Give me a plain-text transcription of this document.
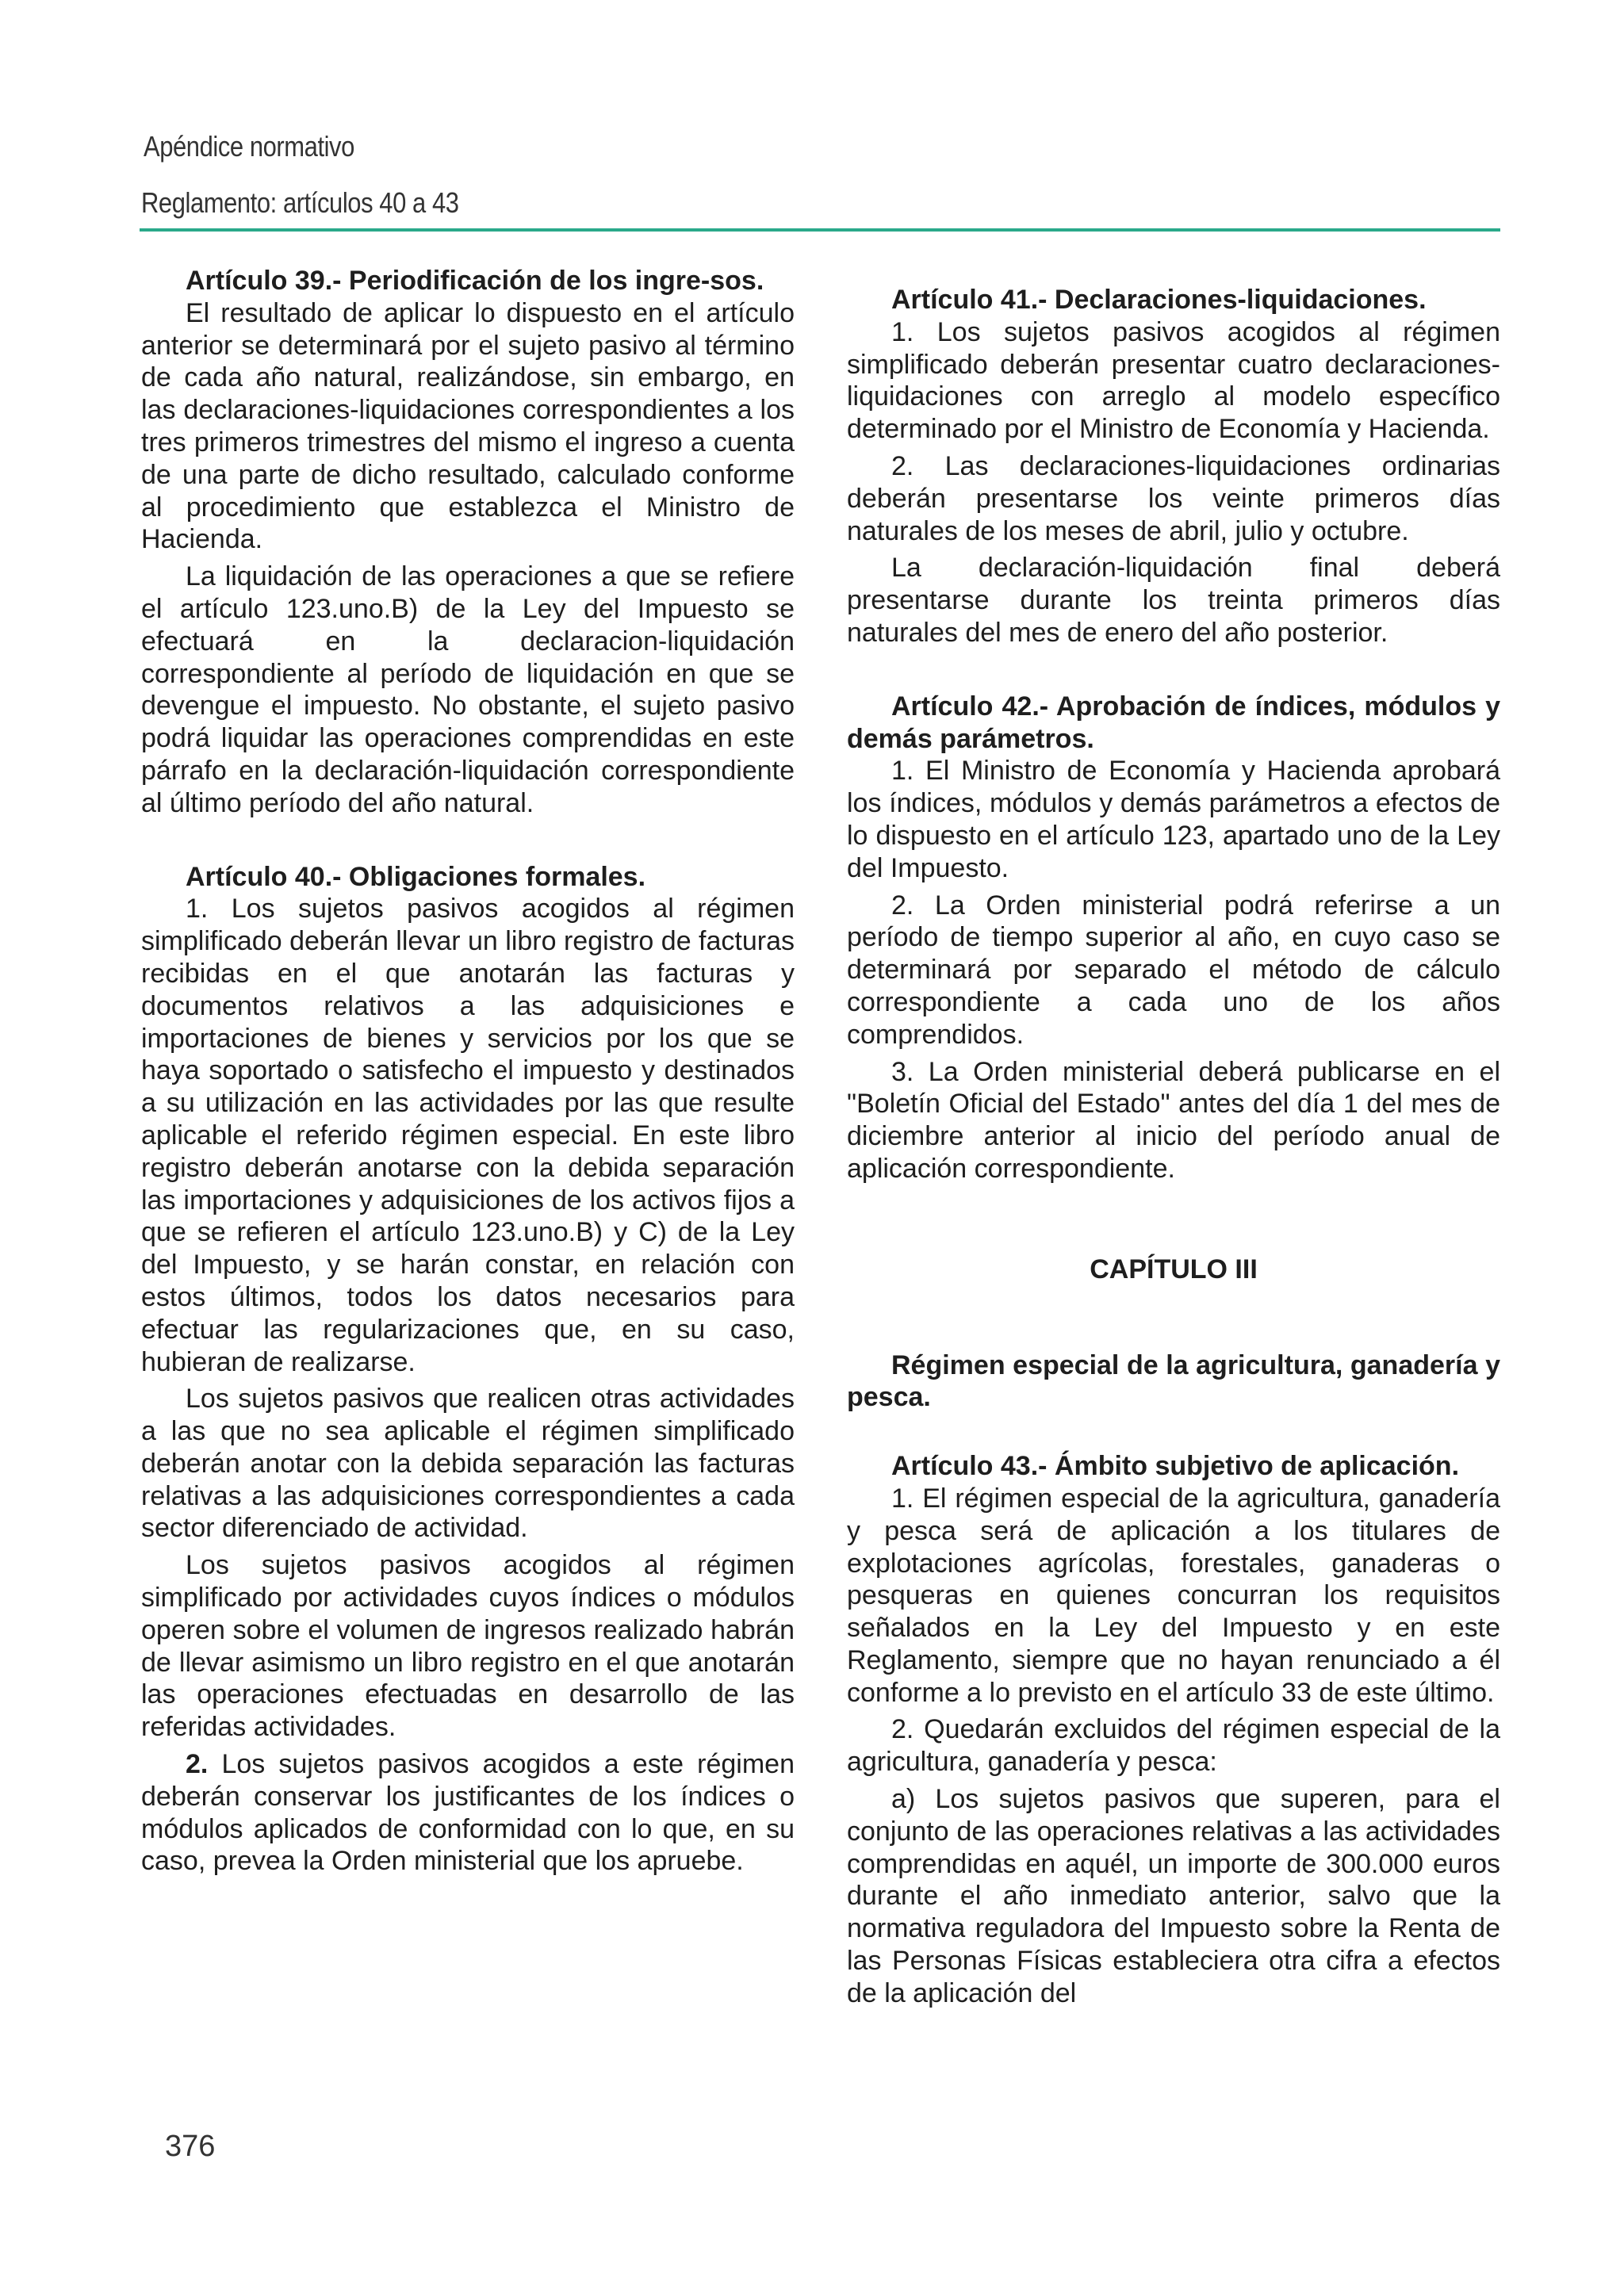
Apéndice normativo
Reglamento: artículos 40 a 43
Artículo 39.- Periodificación de los ingre-sos.

El resultado de aplicar lo dispuesto en el artículo anterior se determinará por el sujeto pasivo al término de cada año natural, realizándose, sin embargo, en las declaraciones-liquidaciones correspondientes a los tres primeros trimestres del mismo el ingreso a cuenta de una parte de dicho resultado, calculado conforme al procedimiento que establezca el Ministro de Hacienda.

La liquidación de las operaciones a que se refiere el artículo 123.uno.B) de la Ley del Impuesto se efectuará en la declaracion-liquidación correspondiente al período de liquidación en que se devengue el impuesto. No obstante, el sujeto pasivo podrá liquidar las operaciones comprendidas en este párrafo en la declaración-liquidación correspondiente al último período del año natural.

Artículo 40.- Obligaciones formales.

1. Los sujetos pasivos acogidos al régimen simplificado deberán llevar un libro registro de facturas recibidas en el que anotarán las facturas y documentos relativos a las adquisiciones e importaciones de bienes y servicios por los que se haya soportado o satisfecho el impuesto y destinados a su utilización en las actividades por las que resulte aplicable el referido régimen especial. En este libro registro deberán anotarse con la debida separación las importaciones y adquisiciones de los activos fijos a que se refieren el artículo 123.uno.B) y C) de la Ley del Impuesto, y se harán constar, en relación con estos últimos, todos los datos necesarios para efectuar las regularizaciones que, en su caso, hubieran de realizarse.

Los sujetos pasivos que realicen otras actividades a las que no sea aplicable el régimen simplificado deberán anotar con la debida separación las facturas relativas a las adquisiciones correspondientes a cada sector diferenciado de actividad.

Los sujetos pasivos acogidos al régimen simplificado por actividades cuyos índices o módulos operen sobre el volumen de ingresos realizado habrán de llevar asimismo un libro registro en el que anotarán las operaciones efectuadas en desarrollo de las referidas actividades.

2. Los sujetos pasivos acogidos a este régimen deberán conservar los justificantes de los índices o módulos aplicados de conformidad con lo que, en su caso, prevea la Orden ministerial que los apruebe.

Artículo 41.- Declaraciones-liquidaciones.

1. Los sujetos pasivos acogidos al régimen simplificado deberán presentar cuatro declaraciones-liquidaciones con arreglo al modelo específico determinado por el Ministro de Economía y Hacienda.

2. Las declaraciones-liquidaciones ordinarias deberán presentarse los veinte primeros días naturales de los meses de abril, julio y octubre.

La declaración-liquidación final deberá presentarse durante los treinta primeros días naturales del mes de enero del año posterior.

Artículo 42.- Aprobación de índices, módulos y demás parámetros.

1. El Ministro de Economía y Hacienda aprobará los índices, módulos y demás parámetros a efectos de lo dispuesto en el artículo 123, apartado uno de la Ley del Impuesto.

2. La Orden ministerial podrá referirse a un período de tiempo superior al año, en cuyo caso se determinará por separado el método de cálculo correspondiente a cada uno de los años comprendidos.

3. La Orden ministerial deberá publicarse en el "Boletín Oficial del Estado" antes del día 1 del mes de diciembre anterior al inicio del período anual de aplicación correspondiente.

CAPÍTULO III
Régimen especial de la agricultura, ganadería y pesca.
Artículo 43.- Ámbito subjetivo de aplicación.

1. El régimen especial de la agricultura, ganadería y pesca será de aplicación a los titulares de explotaciones agrícolas, forestales, ganaderas o pesqueras en quienes concurran los requisitos señalados en la Ley del Impuesto y en este Reglamento, siempre que no hayan renunciado a él conforme a lo previsto en el artículo 33 de este último.

2. Quedarán excluidos del régimen especial de la agricultura, ganadería y pesca:

a) Los sujetos pasivos que superen, para el conjunto de las operaciones relativas a las actividades comprendidas en aquél, un importe de 300.000 euros durante el año inmediato anterior, salvo que la normativa reguladora del Impuesto sobre la Renta de las Personas Físicas estableciera otra cifra a efectos de la aplicación del

376
